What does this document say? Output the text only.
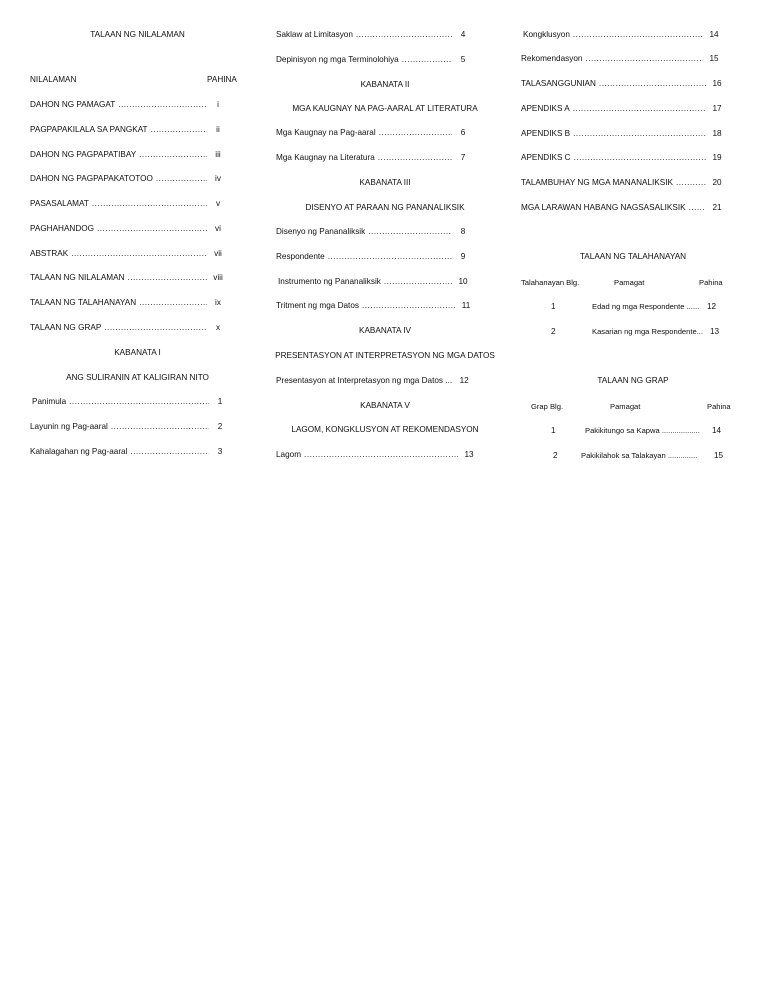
TALAAN NG NILALAMAN
NILALAMAN	PAHINA
DAHON NG PAMAGAT .....	i
PAGPAPAKILALA SA PANGKAT .....	ii
DAHON NG PAGPAPATIBAY .....	iii
DAHON NG PAGPAPAKATOTOO .....	iv
PASASALAMAT .....	v
PAGHAHANDOG .....	vi
ABSTRAK .....	vii
TALAAN NG NILALAMAN .....	viii
TALAAN NG TALAHANAYAN .....	ix
TALAAN NG GRAP .....	x
KABANATA I
ANG SULIRANIN AT KALIGIRAN NITO
Panimula .....	1
Layunin ng Pag-aaral .....	2
Kahalagahan ng Pag-aaral .....	3
Saklaw at Limitasyon .....	4
Depinisyon ng mga Terminolohiya .....	5
KABANATA II
MGA KAUGNAY NA PAG-AARAL AT LITERATURA
Mga Kaugnay na Pag-aaral .....	6
Mga Kaugnay na Literatura .....	7
KABANATA III
DISENYO AT PARAAN NG PANANALIKSIK
Disenyo ng Pananaliksik .....	8
Respondente .....	9
Instrumento ng Pananaliksik .....	10
Tritment ng mga Datos .....	11
KABANATA IV
PRESENTASYON AT INTERPRETASYON NG MGA DATOS
Presentasyon at Interpretasyon ng mga Datos ... 12
KABANATA V
LAGOM, KONGKLUSYON AT REKOMENDASYON
Lagom .....	13
Kongklusyon .....	14
Rekomendasyon .....	15
TALASANGGUNIAN .....	16
APENDIKS A .....	17
APENDIKS B .....	18
APENDIKS C .....	19
TALAMBUHAY NG MGA MANANALIKSIK .....	20
MGA LARAWAN HABANG NAGSASALIKSIK .....	21
TALAAN NG TALAHANAYAN
Talahanayan Blg.	Pamagat	Pahina
1	Edad ng mga Respondente ...... 12
2	Kasarian ng mga Respondente... 13
TALAAN NG GRAP
Grap Blg.	Pamagat	Pahina
1	Pakikitungo sa Kapwa .................. 14
2	Pakikilahok sa Talakayan .............. 15
